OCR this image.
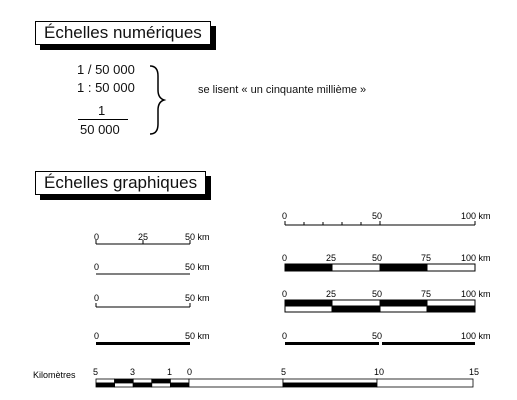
Échelles numériques
1 / 50 000
1 : 50 000
1
50 000
se lisent « un cinquante millième »
Échelles graphiques
0	25	50 km
0	50 km
0	50 km
0	50 km
0	50	100 km
0	25	50	75	100 km
0	25	50	75	100 km
0	50	100 km
Kilomètres 5	3	1 0	5	10	15
